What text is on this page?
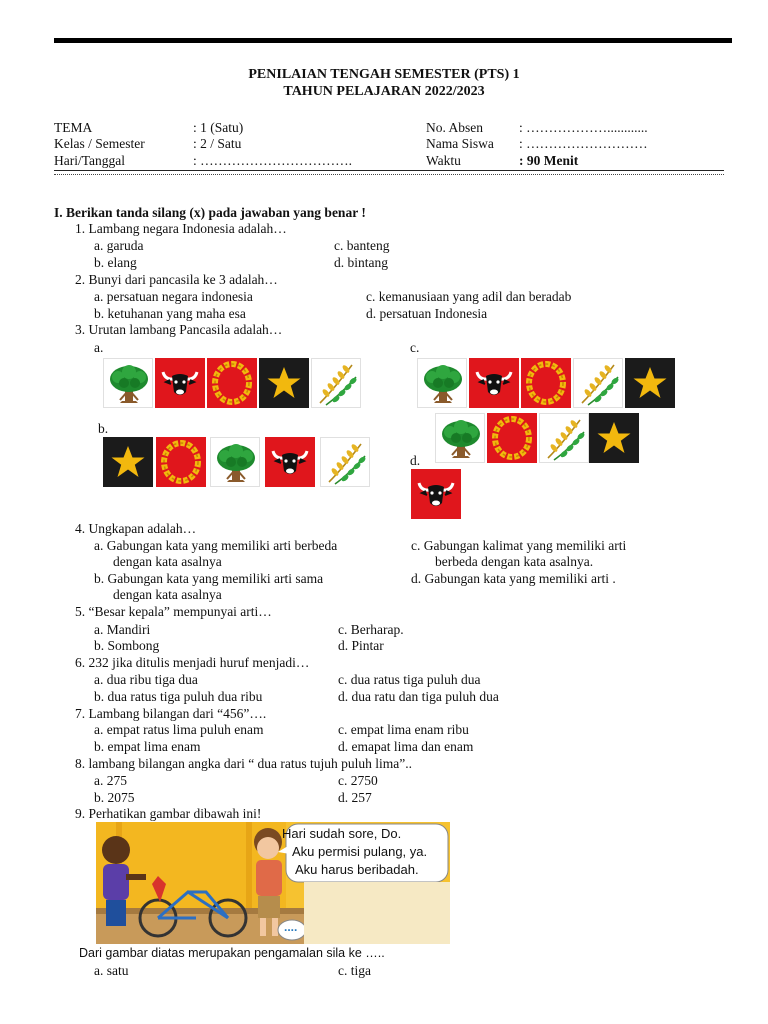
PENILAIAN TENGAH SEMESTER (PTS) 1
TAHUN PELAJARAN 2022/2023
TEMA	: 1 (Satu)
Kelas / Semester	: 2 / Satu
Hari/Tanggal	: …………………………….
No. Absen	: ………………............
Nama Siswa : ………………………
Waktu	: 90 Menit
I. Berikan tanda silang (x) pada jawaban yang benar !
1. Lambang negara Indonesia adalah…
a. garuda	c. banteng
b. elang	d. bintang
2. Bunyi dari pancasila ke 3 adalah…
a. persatuan negara indonesia	c. kemanusiaan yang adil dan beradab
b. ketuhanan yang maha esa	d. persatuan Indonesia
3. Urutan lambang Pancasila adalah…
a.	c.
b.
d.
4. Ungkapan adalah…
a. Gabungan kata yang memiliki arti berbeda
dengan kata asalnya
b. Gabungan kata yang memiliki arti sama
dengan kata asalnya
c. Gabungan kalimat yang memiliki arti
berbeda dengan kata asalnya.
d. Gabungan kata yang memiliki arti .
5. “Besar kepala” mempunyai arti…
a. Mandiri	c. Berharap.
b. Sombong	d. Pintar
6. 232 jika ditulis menjadi huruf menjadi…
a. dua ribu tiga dua	c. dua ratus tiga puluh dua
b. dua ratus tiga puluh dua ribu	d. dua ratu dan tiga puluh dua
7. Lambang bilangan dari “456”….
a. empat ratus lima puluh enam	c. empat lima enam ribu
b. empat lima enam	d. emapat lima dan enam
8. lambang bilangan angka dari “ dua ratus tujuh puluh lima”..
a. 275	c. 2750
b. 2075	d. 257
9. Perhatikan gambar dibawah ini!
Hari sudah sore, Do.
Aku permisi pulang, ya.
Aku harus beribadah.
....
Dari gambar diatas merupakan pengamalan sila ke …..
a. satu	c. tiga
